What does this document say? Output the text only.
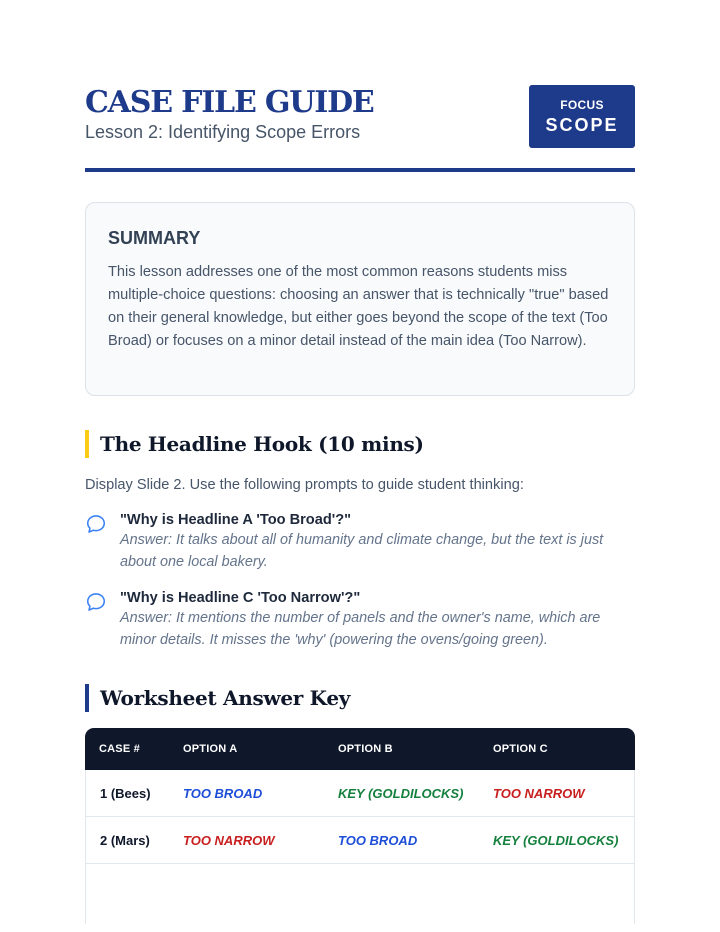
CASE FILE GUIDE
Lesson 2: Identifying Scope Errors
FOCUS
SCOPE
SUMMARY

This lesson addresses one of the most common reasons students miss multiple-choice questions: choosing an answer that is technically "true" based on their general knowledge, but either goes beyond the scope of the text (Too Broad) or focuses on a minor detail instead of the main idea (Too Narrow).

The Headline Hook (10 mins)

Display Slide 2. Use the following prompts to guide student thinking:

"Why is Headline A 'Too Broad'?"

Answer: It talks about all of humanity and climate change, but the text is just about one local bakery.

"Why is Headline C 'Too Narrow'?"

Answer: It mentions the number of panels and the owner's name, which are minor details. It misses the 'why' (powering the ovens/going green).

Worksheet Answer Key
CASE #	OPTION A	OPTION B	OPTION C
1 (Bees)	TOO BROAD	KEY (GOLDILOCKS)	TOO NARROW
2 (Mars)	TOO NARROW	TOO BROAD	KEY (GOLDILOCKS)
